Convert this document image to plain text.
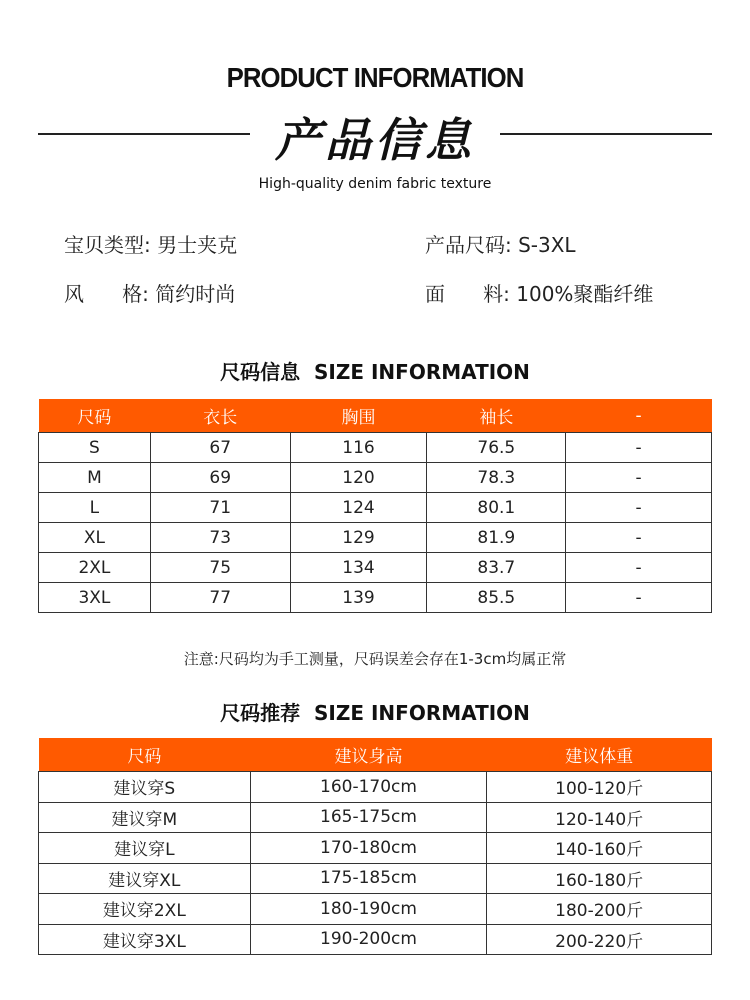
PRODUCT INFORMATION
产品信息
High-quality denim fabric texture
宝贝类型: 男士夹克	产品尺码: S-3XL
风      格: 简约时尚	面      料: 100%聚酯纤维
尺码信息  SIZE INFORMATION
尺码	衣长	胸围	袖长	-
S	67	116	76.5	-
M	69	120	78.3	-
L	71	124	80.1	-
XL	73	129	81.9	-
2XL	75	134	83.7	-
3XL	77	139	85.5	-
注意:尺码均为手工测量，尺码误差会存在1-3cm均属正常
尺码推荐  SIZE INFORMATION
尺码	建议身高	建议体重
建议穿S	160-170cm	100-120斤
建议穿M	165-175cm	120-140斤
建议穿L	170-180cm	140-160斤
建议穿XL	175-185cm	160-180斤
建议穿2XL	180-190cm	180-200斤
建议穿3XL	190-200cm	200-220斤
